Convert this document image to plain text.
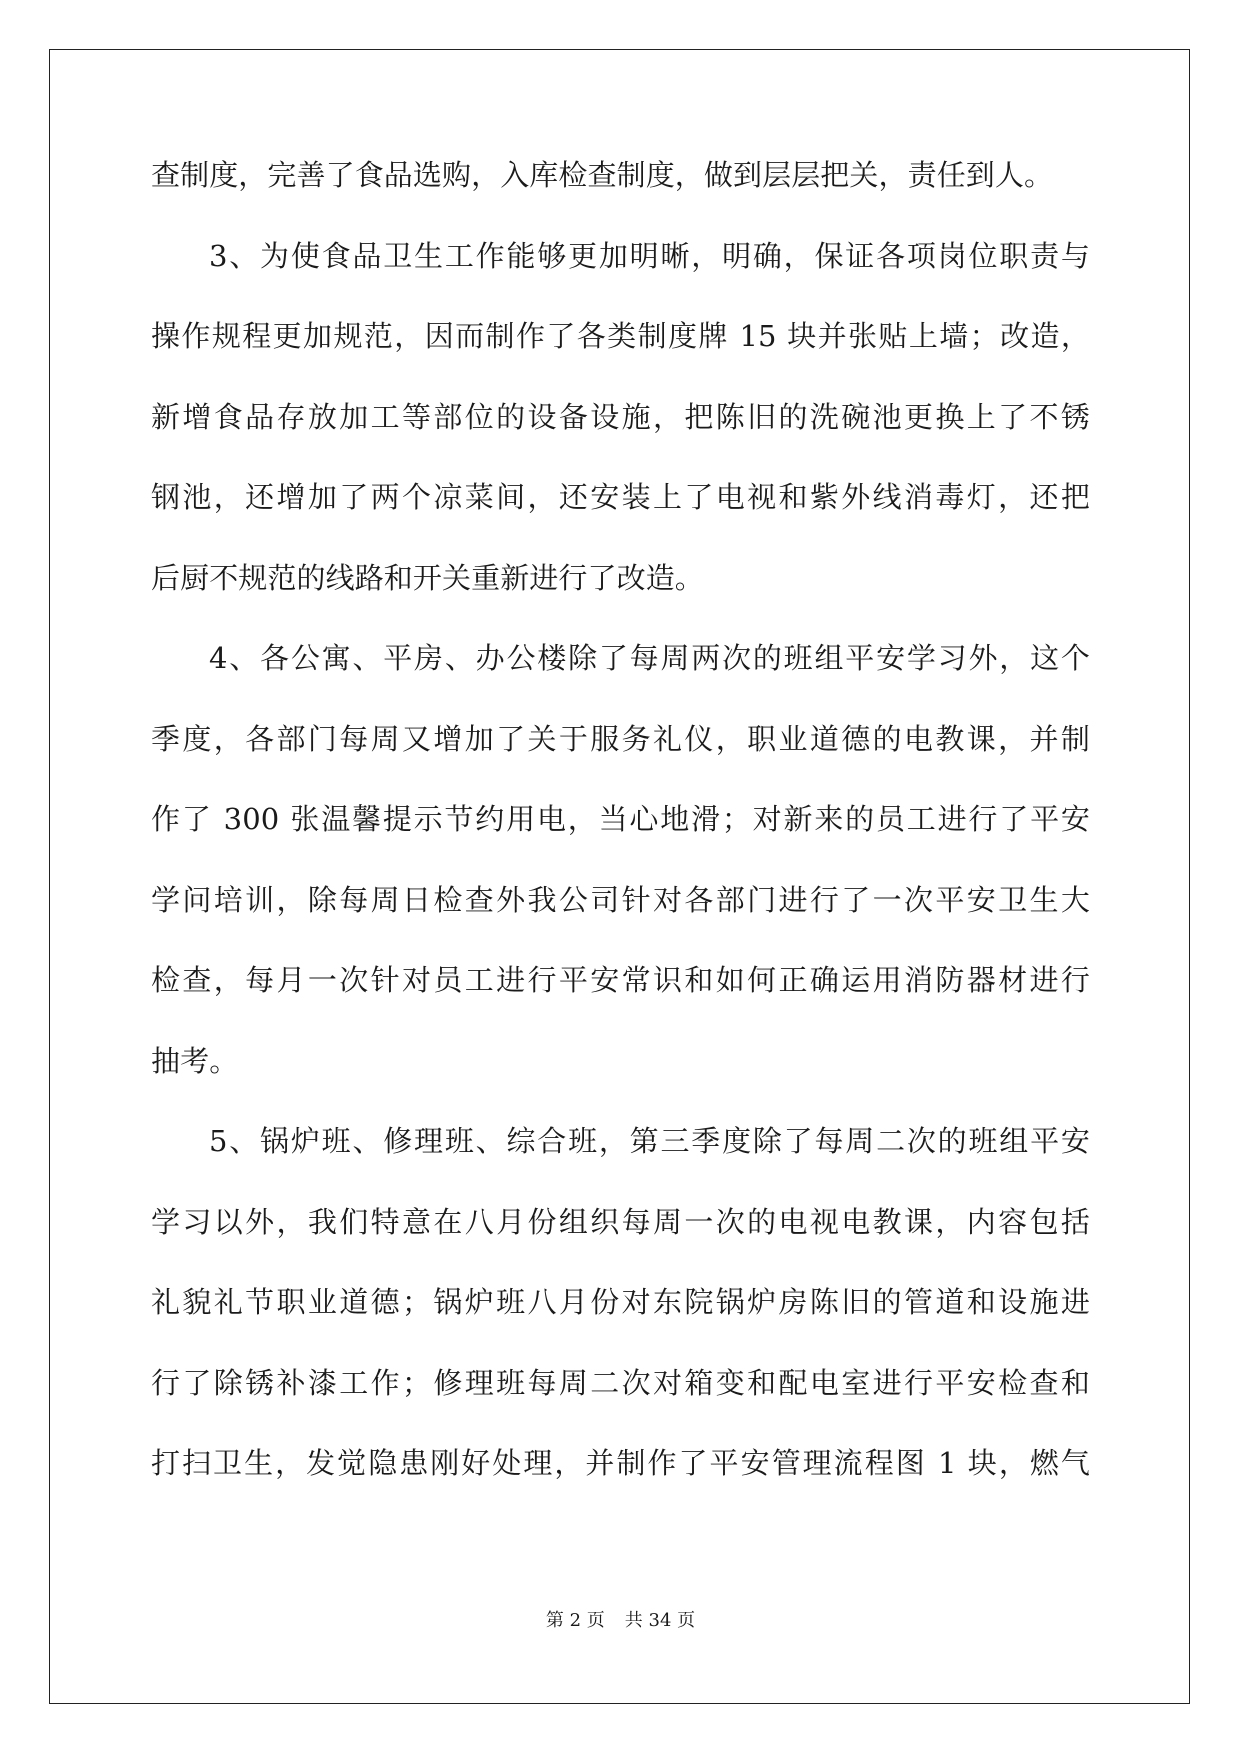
查制度，完善了食品选购，入库检查制度，做到层层把关，责任到人。
3、为使食品卫生工作能够更加明晰，明确，保证各项岗位职责与
操作规程更加规范，因而制作了各类制度牌 15 块并张贴上墙；改造，
新增食品存放加工等部位的设备设施，把陈旧的洗碗池更换上了不锈
钢池，还增加了两个凉菜间，还安装上了电视和紫外线消毒灯，还把
后厨不规范的线路和开关重新进行了改造。
4、各公寓、平房、办公楼除了每周两次的班组平安学习外，这个
季度，各部门每周又增加了关于服务礼仪，职业道德的电教课，并制
作了 300 张温馨提示节约用电，当心地滑；对新来的员工进行了平安
学问培训，除每周日检查外我公司针对各部门进行了一次平安卫生大
检查，每月一次针对员工进行平安常识和如何正确运用消防器材进行
抽考。
5、锅炉班、修理班、综合班，第三季度除了每周二次的班组平安
学习以外，我们特意在八月份组织每周一次的电视电教课，内容包括
礼貌礼节职业道德；锅炉班八月份对东院锅炉房陈旧的管道和设施进
行了除锈补漆工作；修理班每周二次对箱变和配电室进行平安检查和
打扫卫生，发觉隐患刚好处理，并制作了平安管理流程图 1 块，燃气
第 2 页 共 34 页
